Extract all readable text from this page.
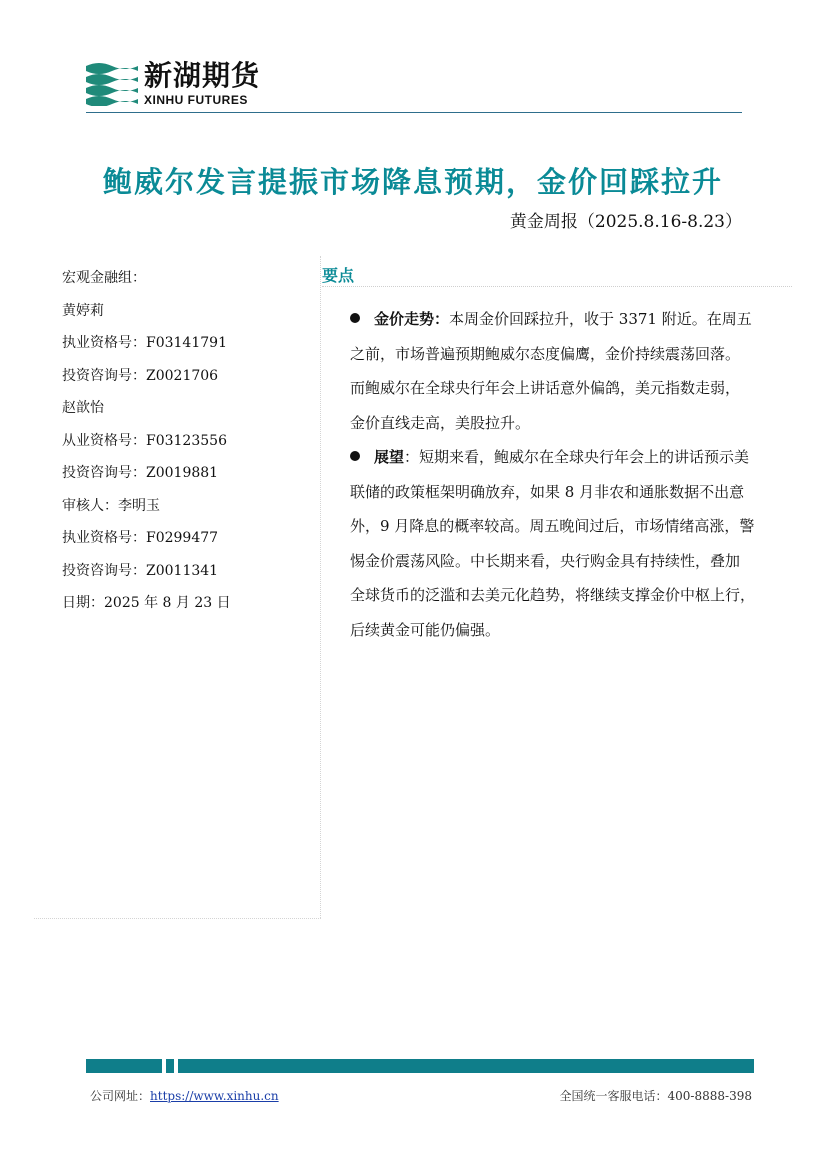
新湖期货
XINHU FUTURES
鲍威尔发言提振市场降息预期，金价回踩拉升
黄金周报（2025.8.16-8.23）
宏观金融组：
黄婷莉
执业资格号：F03141791
投资咨询号：Z0021706
赵歆怡
从业资格号：F03123556
投资咨询号：Z0019881
审核人：李明玉
执业资格号：F0299477
投资咨询号：Z0011341
日期：2025 年 8 月 23 日
要点
金价走势：本周金价回踩拉升，收于 3371 附近。在周五
之前，市场普遍预期鲍威尔态度偏鹰，金价持续震荡回落。
而鲍威尔在全球央行年会上讲话意外偏鸽，美元指数走弱，
金价直线走高，美股拉升。
展望：短期来看，鲍威尔在全球央行年会上的讲话预示美
联储的政策框架明确放弃，如果 8 月非农和通胀数据不出意
外，9 月降息的概率较高。周五晚间过后，市场情绪高涨，警
惕金价震荡风险。中长期来看，央行购金具有持续性，叠加
全球货币的泛滥和去美元化趋势，将继续支撑金价中枢上行，
后续黄金可能仍偏强。
公司网址：https://www.xinhu.cn	全国统一客服电话：400-8888-398
